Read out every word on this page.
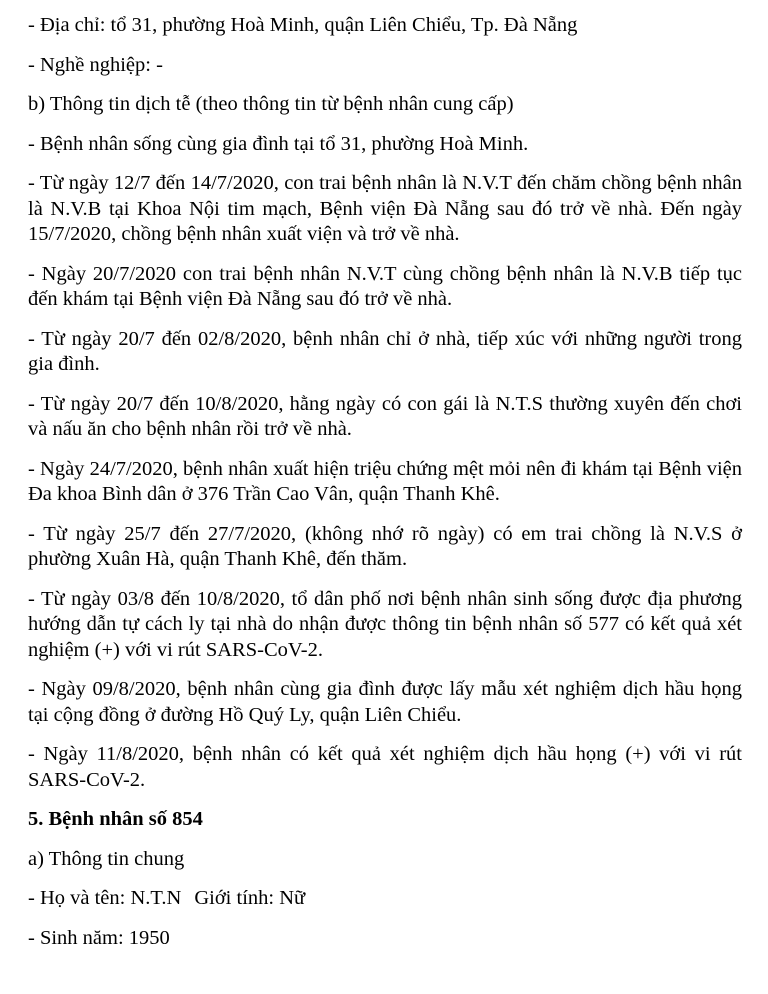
- Địa chỉ: tổ 31, phường Hoà Minh, quận Liên Chiểu, Tp. Đà Nẵng

- Nghề nghiệp: -

b) Thông tin dịch tễ (theo thông tin từ bệnh nhân cung cấp)

- Bệnh nhân sống cùng gia đình tại tổ 31, phường Hoà Minh.

- Từ ngày 12/7 đến 14/7/2020, con trai bệnh nhân là N.V.T đến chăm chồng bệnh nhân là N.V.B tại Khoa Nội tim mạch, Bệnh viện Đà Nẵng sau đó trở về nhà. Đến ngày 15/7/2020, chồng bệnh nhân xuất viện và trở về nhà.

- Ngày 20/7/2020 con trai bệnh nhân N.V.T cùng chồng bệnh nhân là N.V.B tiếp tục đến khám tại Bệnh viện Đà Nẵng sau đó trở về nhà.

- Từ ngày 20/7 đến 02/8/2020, bệnh nhân chỉ ở nhà, tiếp xúc với những người trong gia đình.

- Từ ngày 20/7 đến 10/8/2020, hằng ngày có con gái là N.T.S thường xuyên đến chơi và nấu ăn cho bệnh nhân rồi trở về nhà.

- Ngày 24/7/2020, bệnh nhân xuất hiện triệu chứng mệt mỏi nên đi khám tại Bệnh viện Đa khoa Bình dân ở 376 Trần Cao Vân, quận Thanh Khê.

- Từ ngày 25/7 đến 27/7/2020, (không nhớ rõ ngày) có em trai chồng là N.V.S ở phường Xuân Hà, quận Thanh Khê, đến thăm.

- Từ ngày 03/8 đến 10/8/2020, tổ dân phố nơi bệnh nhân sinh sống được địa phương hướng dẫn tự cách ly tại nhà do nhận được thông tin bệnh nhân số 577 có kết quả xét nghiệm (+) với vi rút SARS-CoV-2.

- Ngày 09/8/2020, bệnh nhân cùng gia đình được lấy mẫu xét nghiệm dịch hầu họng tại cộng đồng ở đường Hồ Quý Ly, quận Liên Chiểu.

- Ngày 11/8/2020, bệnh nhân có kết quả xét nghiệm dịch hầu họng (+) với vi rút SARS-CoV-2.

5. Bệnh nhân số 854

a) Thông tin chung

- Họ và tên: N.T.N Giới tính: Nữ

- Sinh năm: 1950
